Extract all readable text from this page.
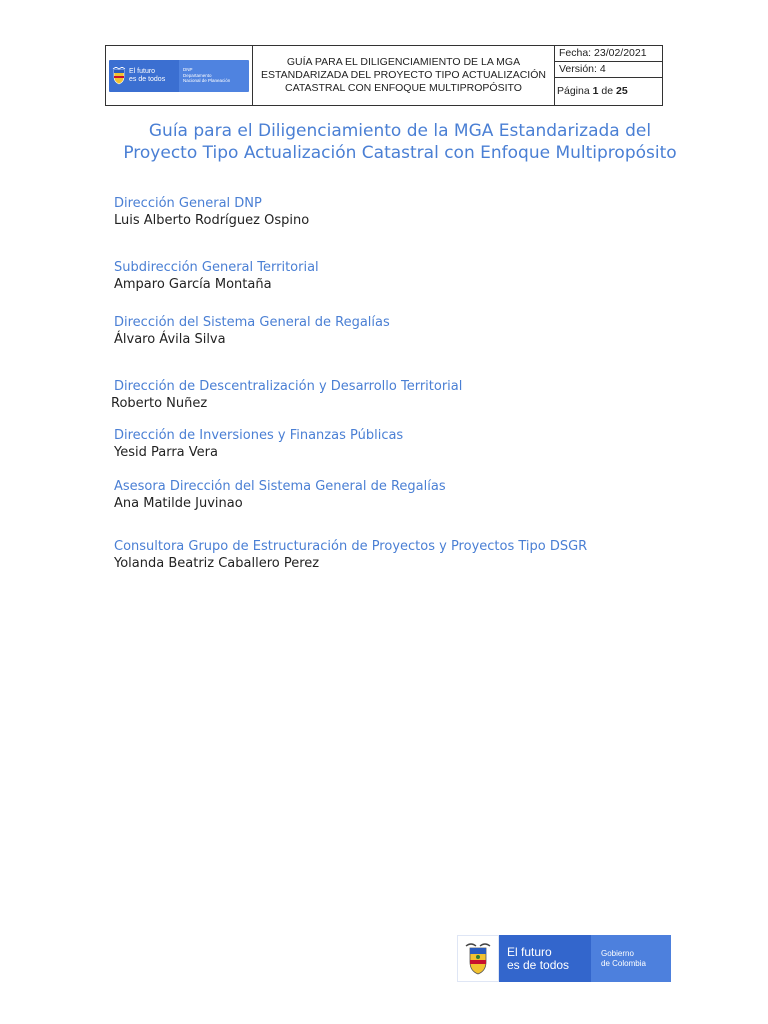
El futuro
es de todos
DNP
Departamento
Nacional de Planeación
GUÍA PARA EL DILIGENCIAMIENTO DE LA MGA
ESTANDARIZADA DEL PROYECTO TIPO ACTUALIZACIÓN
CATASTRAL CON ENFOQUE MULTIPROPÓSITO
Fecha: 23/02/2021
Versión: 4
Página
1
de
25
Guía para el Diligenciamiento de la MGA Estandarizada del
Proyecto Tipo Actualización Catastral con Enfoque Multipropósito
Dirección General DNP
Luis Alberto Rodríguez Ospino
Subdirección General Territorial
Amparo García Montaña
Dirección del Sistema General de Regalías
Álvaro Ávila Silva
Dirección de Descentralización y Desarrollo Territorial
Roberto Nuñez
Dirección de Inversiones y Finanzas Públicas
Yesid Parra Vera
Asesora Dirección del Sistema General de Regalías
Ana Matilde Juvinao
Consultora Grupo de Estructuración de Proyectos y Proyectos Tipo DSGR
Yolanda Beatriz Caballero Perez
El futuro
es de todos
Gobierno
de Colombia
